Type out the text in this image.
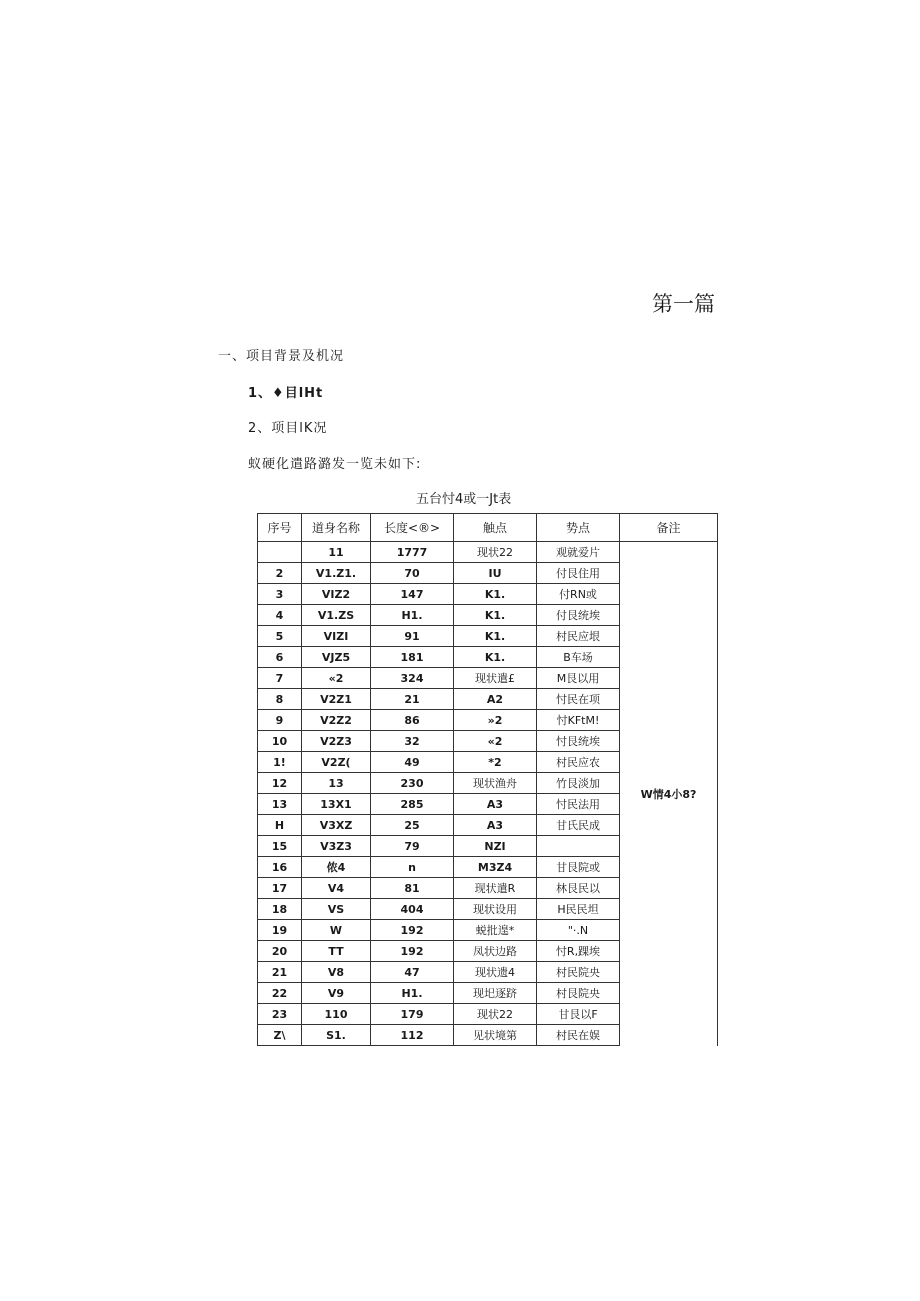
第一篇
一、项目背景及机况
1、♦目lHt
2、项目lK况
蚁硬化遣路潞发一览未如下:
五台忖4或一Jt表
序号	道身名称	长度<®>	触点	势点	备注
	11	1777	现状22	观就爱片	W情4小8?
2	V1.Z1.	70	IU	付艮住用	
3	VIZ2	147	K1.	付RN或	
4	V1.ZS	H1.	K1.	付艮统埃	
5	VIZI	91	K1.	村民应垠	
6	VJZ5	181	K1.	B车场	
7	«2	324	现状遣£	M艮以用	
8	V2Z1	21	A2	忖民在项	
9	V2Z2	86	»2	忖KFtM!	
10	V2Z3	32	«2	忖艮统埃	
1!	V2Z(	49	*2	村民应农	
12	13	230	现状渔舟	竹艮淡加	
13	13X1	285	A3	忖民法用	
H	V3XZ	25	A3	甘氏民成	
15	V3Z3	79	NZI		
16	侬4	n	M3Z4	甘艮院或	
17	V4	81	现状遣R	林艮民以	
18	VS	404	现状设用	H民民坦	
19	W	192	蜕批遑*	"·.N	
20	TT	192	凤状边路	忖R,踝埃	
21	V8	47	现状遗4	村民院央	
22	V9	H1.	现圯逐跻	村艮院央	
23	110	179	现状22	甘艮以F	
Z\	S1.	112	见状境第	村民在娱	
